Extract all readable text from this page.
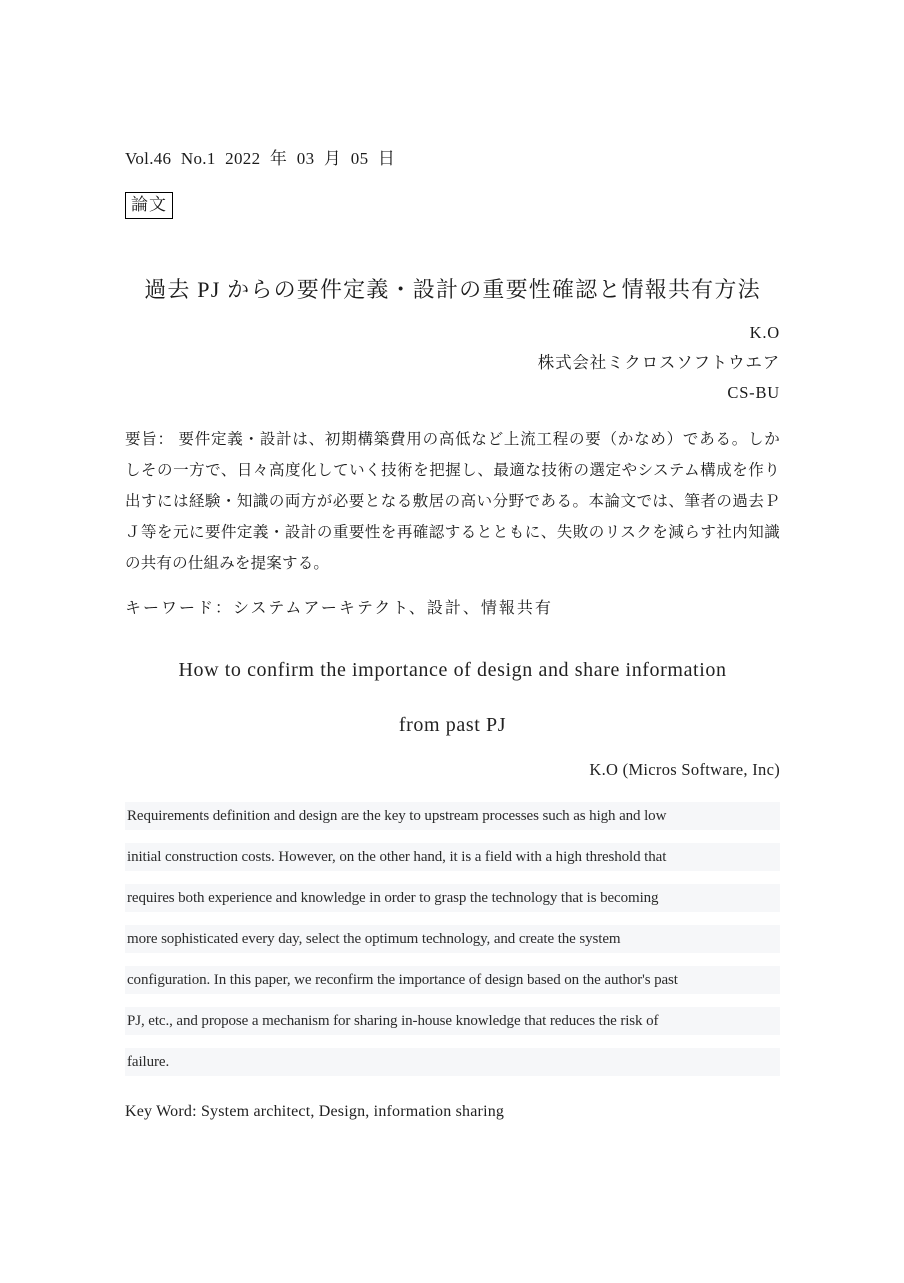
Vol.46 No.1 2022 年 03 月 05 日
論文
過去 PJ からの要件定義・設計の重要性確認と情報共有方法
K.O
株式会社ミクロスソフトウエア
CS-BU
要旨： 要件定義・設計は、初期構築費用の高低など上流工程の要（かなめ）である。しか
しその一方で、日々高度化していく技術を把握し、最適な技術の選定やシステム構成を作り
出すには経験・知識の両方が必要となる敷居の高い分野である。本論文では、筆者の過去Ｐ
Ｊ等を元に要件定義・設計の重要性を再確認するとともに、失敗のリスクを減らす社内知識
の共有の仕組みを提案する。
キーワード：システムアーキテクト、設計、情報共有
How to confirm the importance of design and share information
from past PJ
K.O (Micros Software, Inc)
Requirements definition and design are the key to upstream processes such as high and low
initial construction costs. However, on the other hand, it is a field with a high threshold that
requires both experience and knowledge in order to grasp the technology that is becoming
more sophisticated every day, select the optimum technology, and create the system
configuration. In this paper, we reconfirm the importance of design based on the author's past
PJ, etc., and propose a mechanism for sharing in-house knowledge that reduces the risk of
failure.
Key Word: System architect, Design, information sharing
